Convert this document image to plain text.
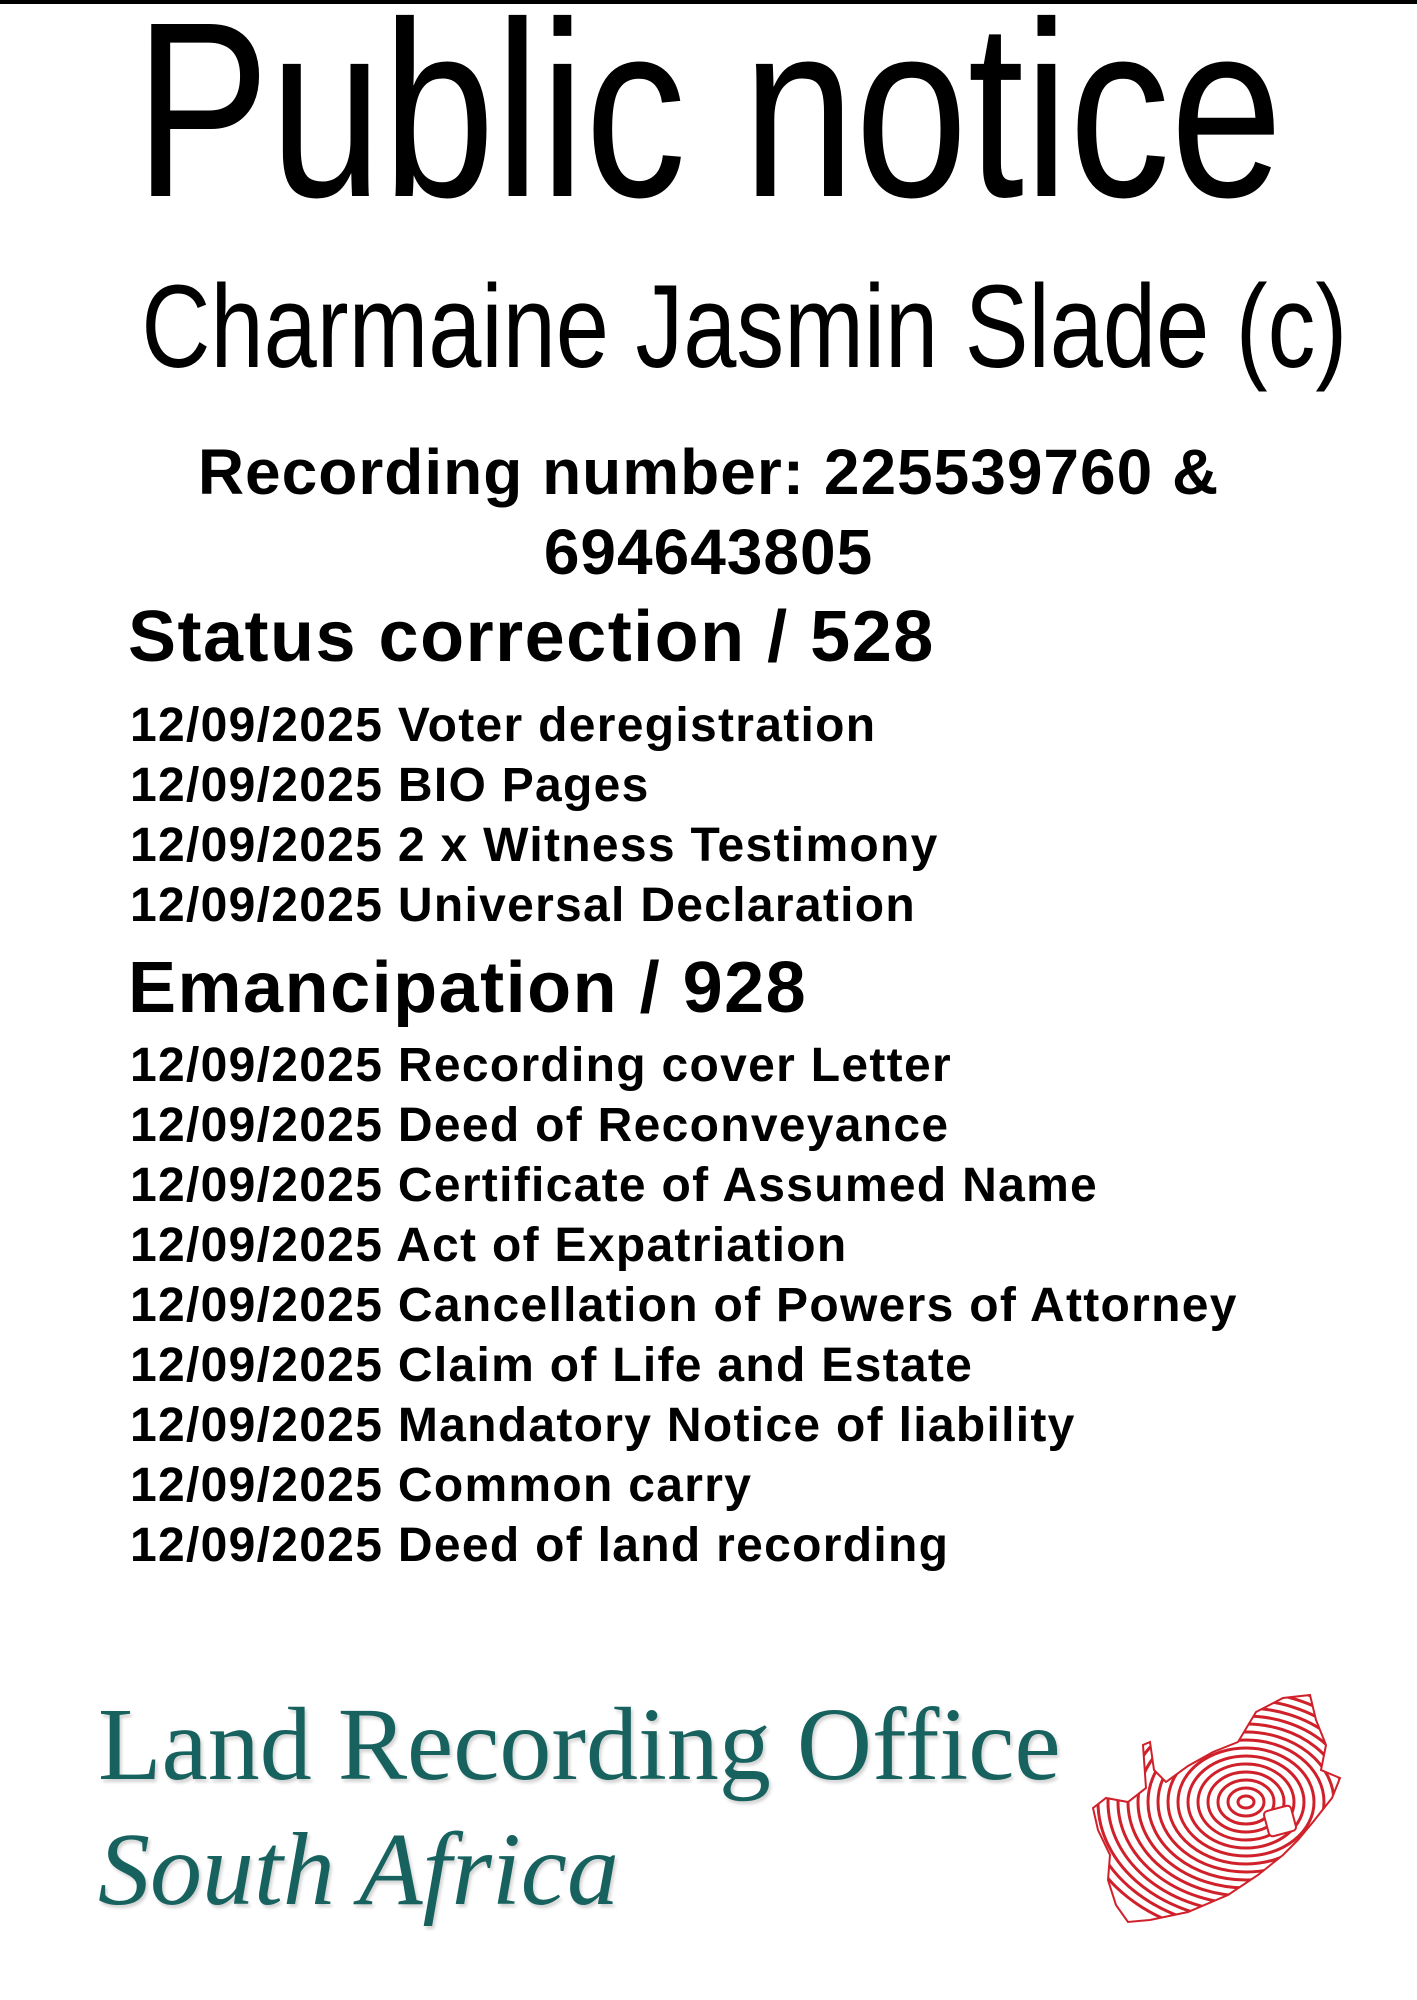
Public notice
Charmaine Jasmin Slade (c)
Recording number: 225539760 &
694643805
Status correction / 528
12/09/2025 Voter deregistration
12/09/2025 BIO Pages
12/09/2025 2 x Witness Testimony
12/09/2025 Universal Declaration
Emancipation / 928
12/09/2025 Recording cover Letter
12/09/2025 Deed of Reconveyance
12/09/2025 Certificate of Assumed Name
12/09/2025 Act of Expatriation
12/09/2025 Cancellation of Powers of Attorney
12/09/2025 Claim of Life and Estate
12/09/2025 Mandatory Notice of liability
12/09/2025 Common carry
12/09/2025 Deed of land recording
Land Recording Office
South Africa
